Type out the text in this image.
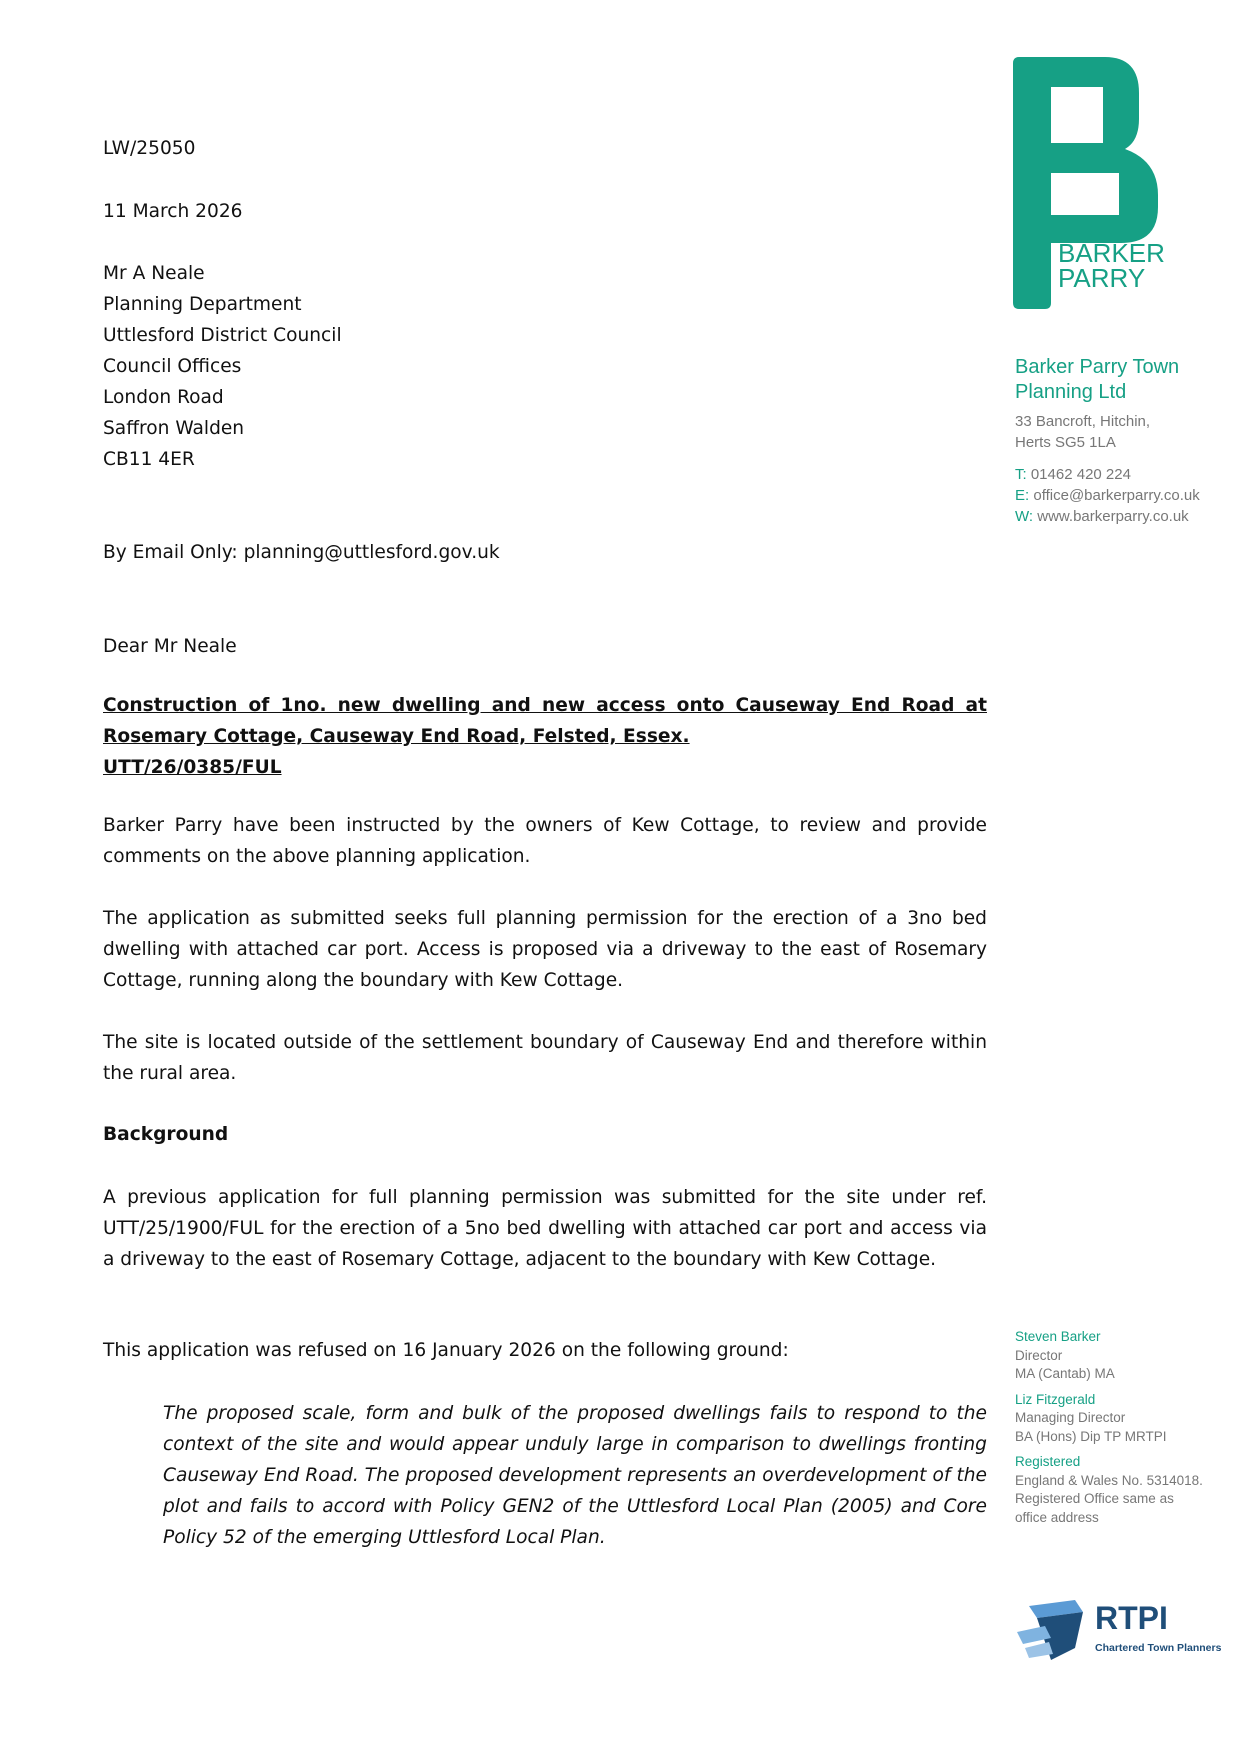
LW/25050
11 March 2026
Mr A Neale
Planning Department
Uttlesford District Council
Council Offices
London Road
Saffron Walden
CB11 4ER
By Email Only: planning@uttlesford.gov.uk
Dear Mr Neale
Construction of 1no. new dwelling and new access onto Causeway End Road at
Rosemary Cottage, Causeway End Road, Felsted, Essex.
UTT/26/0385/FUL
Barker Parry have been instructed by the owners of Kew Cottage, to review and provide comments on the above planning application.
The application as submitted seeks full planning permission for the erection of a 3no bed dwelling with attached car port. Access is proposed via a driveway to the east of Rosemary Cottage, running along the boundary with Kew Cottage.
The site is located outside of the settlement boundary of Causeway End and therefore within the rural area.
Background
A previous application for full planning permission was submitted for the site under ref. UTT/25/1900/FUL for the erection of a 5no bed dwelling with attached car port and access via a driveway to the east of Rosemary Cottage, adjacent to the boundary with Kew Cottage.
This application was refused on 16 January 2026 on the following ground:
The proposed scale, form and bulk of the proposed dwellings fails to respond to the context of the site and would appear unduly large in comparison to dwellings fronting Causeway End Road. The proposed development represents an overdevelopment of the plot and fails to accord with Policy GEN2 of the Uttlesford Local Plan (2005) and Core Policy 52 of the emerging Uttlesford Local Plan.
BARKER
PARRY
Barker Parry Town
Planning Ltd
33 Bancroft, Hitchin,
Herts SG5 1LA
T: 01462 420 224
E: office@barkerparry.co.uk
W: www.barkerparry.co.uk
Steven Barker
Director
MA (Cantab) MA
Liz Fitzgerald
Managing Director
BA (Hons) Dip TP MRTPI
Registered
England & Wales No. 5314018.
Registered Office same as
office address
RTPI
Chartered Town Planners
